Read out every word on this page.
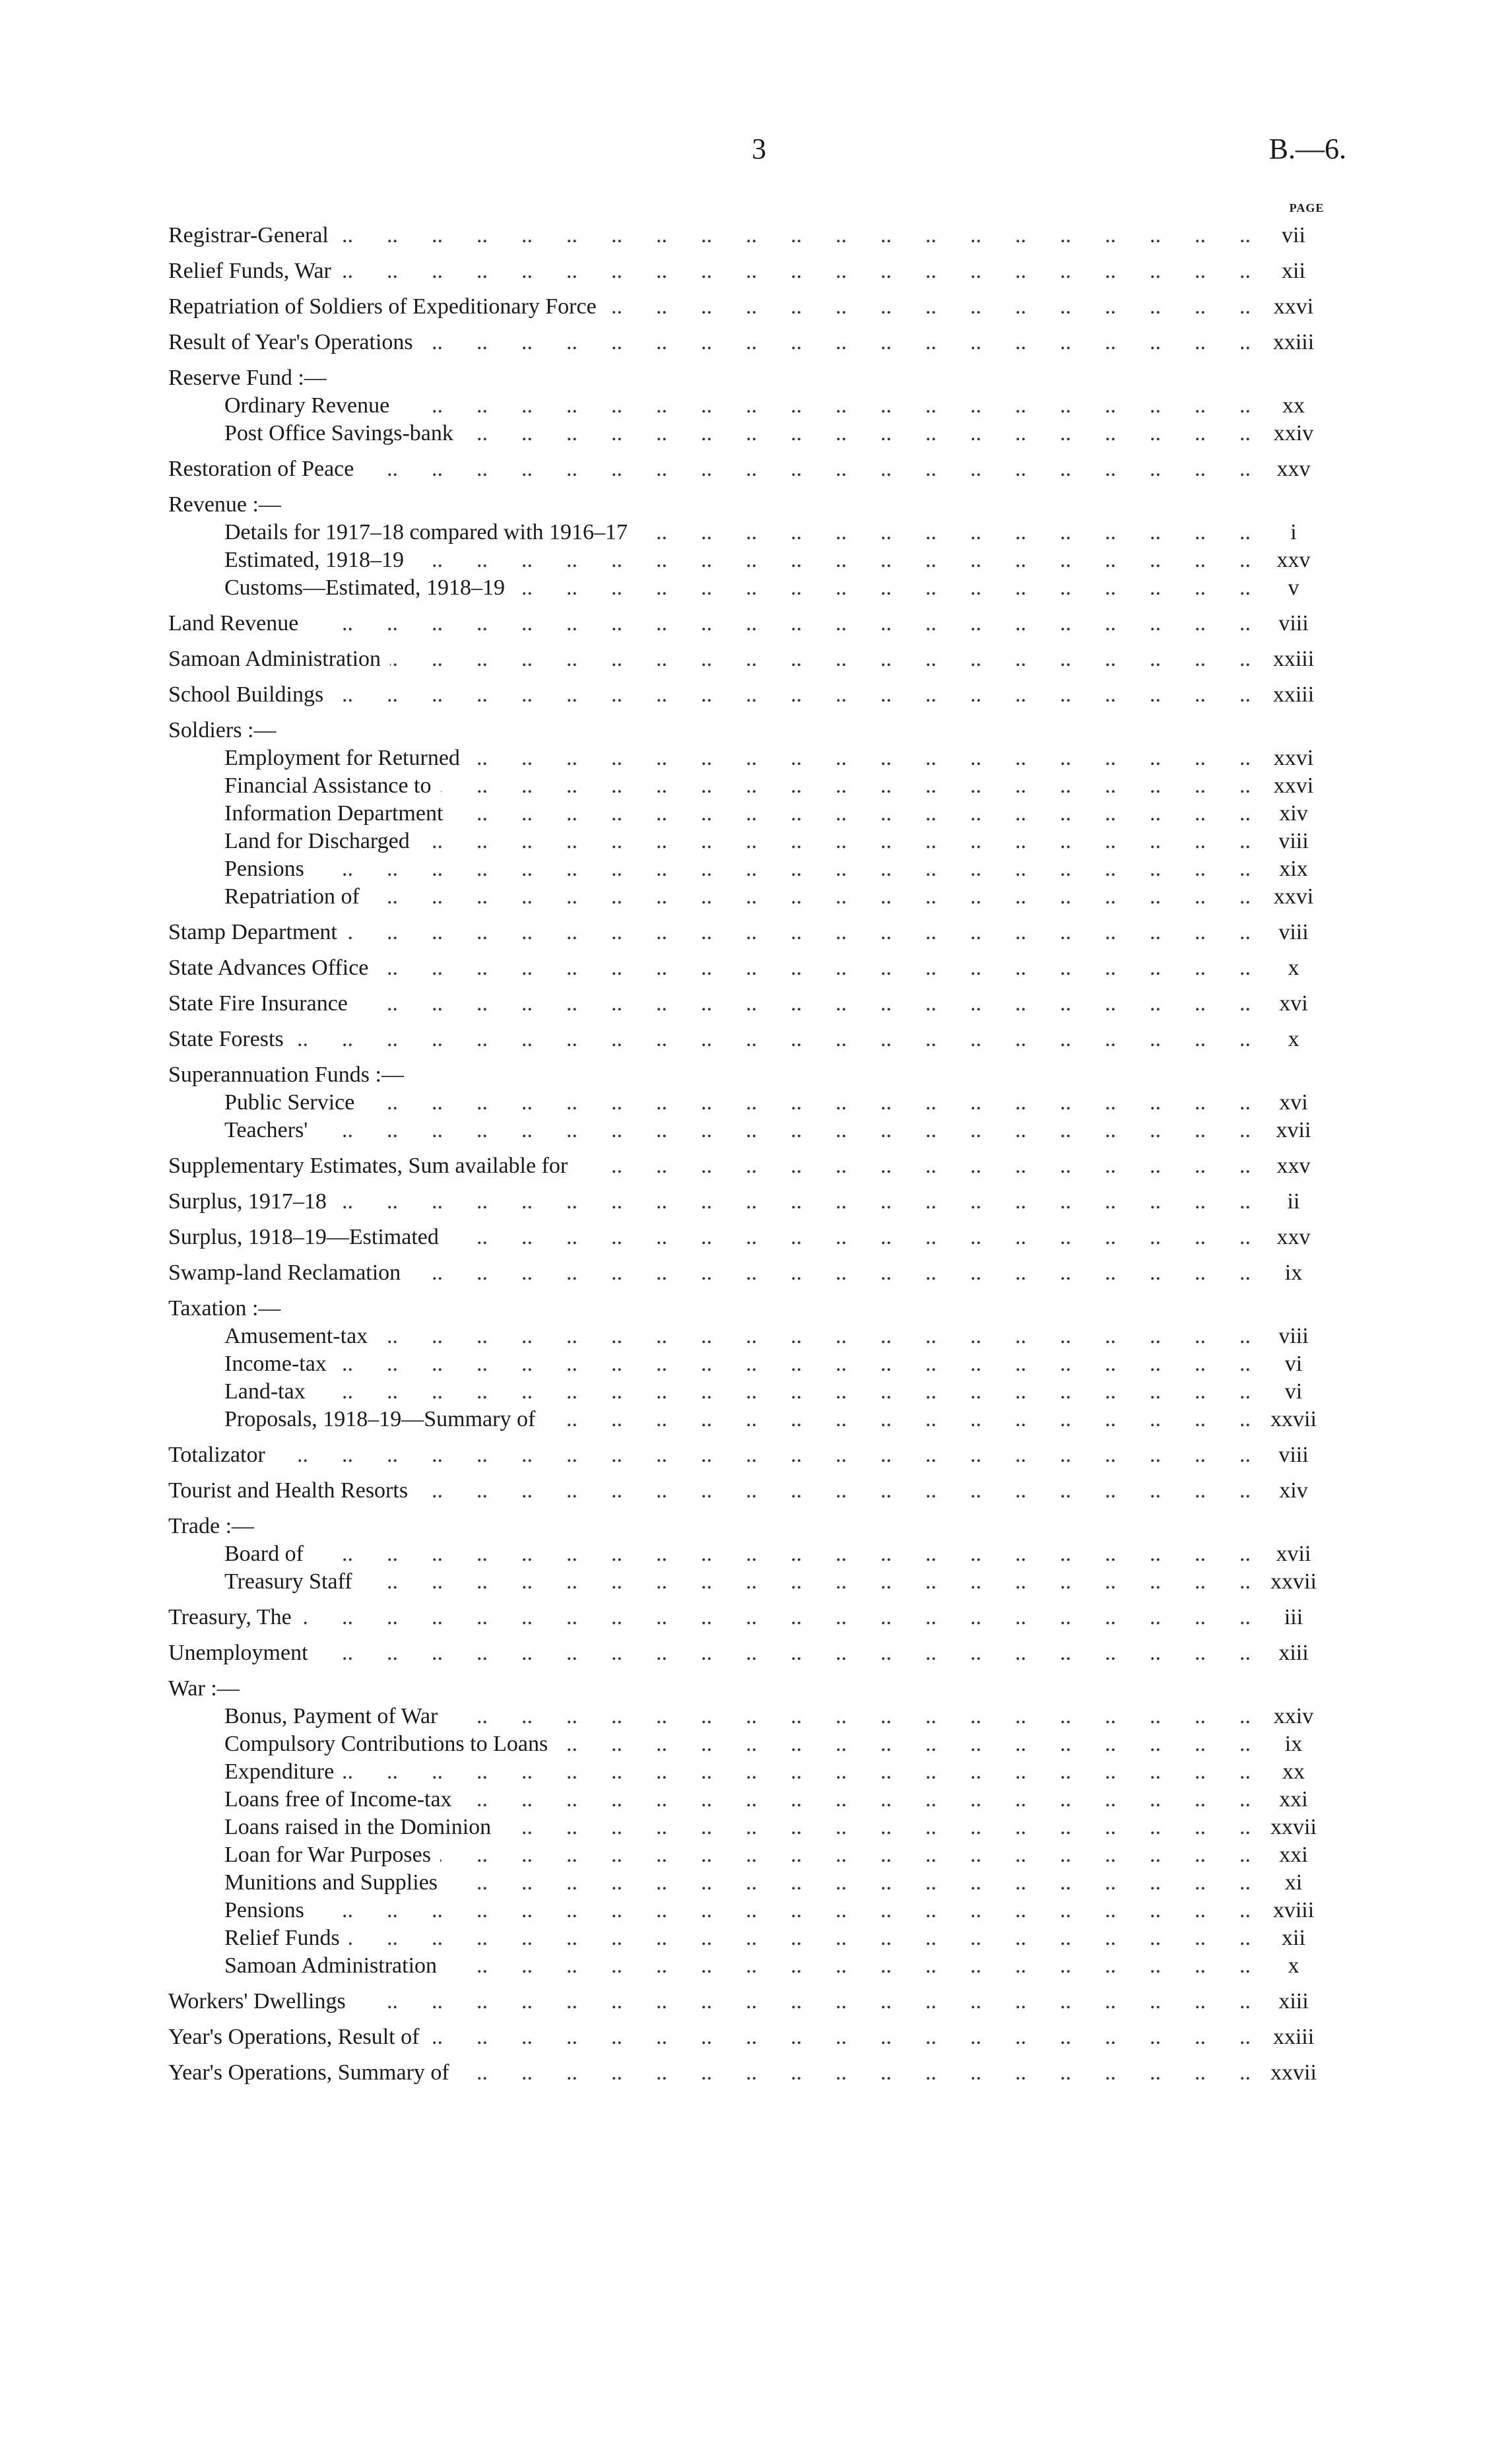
3	B.—6.
PAGE
..
Registrar-General	vii
..
Relief Funds, War	xii
..
Repatriation of Soldiers of Expeditionary Force	xxvi
..
Result of Year's Operations	xxiii
Reserve Fund :—
..
Ordinary Revenue	xx
..
Post Office Savings-bank	xxiv
..
Restoration of Peace	xxv
Revenue :—
..
Details for 1917–18 compared with 1916–17	i
..
Estimated, 1918–19	xxv
..
Customs—Estimated, 1918–19	v
..
Land Revenue	viii
..
Samoan Administration	xxiii
..
School Buildings	xxiii
Soldiers :—
..
Employment for Returned	xxvi
..
Financial Assistance to	xxvi
..
Information Department	xiv
..
Land for Discharged	viii
..
Pensions	xix
..
Repatriation of	xxvi
..
Stamp Department	viii
..
State Advances Office	x
..
State Fire Insurance	xvi
..
State Forests	x
Superannuation Funds :—
..
Public Service	xvi
..
Teachers'	xvii
..
Supplementary Estimates, Sum available for	xxv
..
Surplus, 1917–18	ii
..
Surplus, 1918–19—Estimated	xxv
..
Swamp-land Reclamation	ix
Taxation :—
..
Amusement-tax	viii
..
Income-tax	vi
..
Land-tax	vi
..
Proposals, 1918–19—Summary of	xxvii
..
Totalizator	viii
..
Tourist and Health Resorts	xiv
Trade :—
..
Board of	xvii
..
Treasury Staff	xxvii
..
Treasury, The	iii
..
Unemployment	xiii
War :—
..
Bonus, Payment of War	xxiv
..
Compulsory Contributions to Loans	ix
..
Expenditure	xx
..
Loans free of Income-tax	xxi
..
Loans raised in the Dominion	xxvii
..
Loan for War Purposes	xxi
..
Munitions and Supplies	xi
..
Pensions	xviii
..
Relief Funds	xii
..
Samoan Administration	x
..
Workers' Dwellings	xiii
..
Year's Operations, Result of	xxiii
..
Year's Operations, Summary of	xxvii
